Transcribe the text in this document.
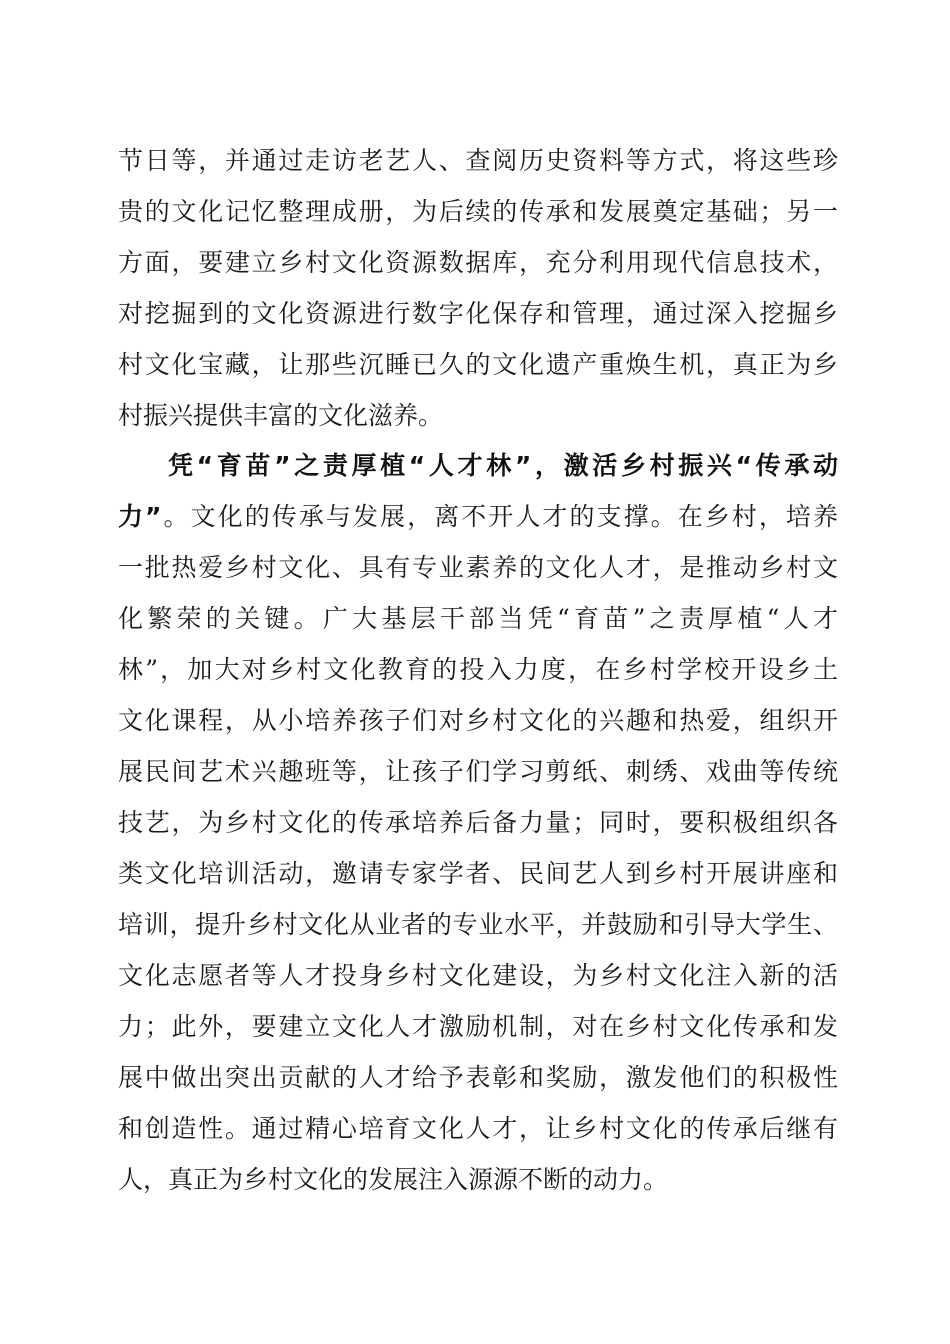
节日等，并通过走访老艺人、查阅历史资料等方式，将这些珍
贵的文化记忆整理成册，为后续的传承和发展奠定基础；另一
方面，要建立乡村文化资源数据库，充分利用现代信息技术，
对挖掘到的文化资源进行数字化保存和管理，通过深入挖掘乡
村文化宝藏，让那些沉睡已久的文化遗产重焕生机，真正为乡
村振兴提供丰富的文化滋养。
凭“育苗”之责厚植“人才林”，激活乡村振兴“传承动
力”。文化的传承与发展，离不开人才的支撑。在乡村，培养
一批热爱乡村文化、具有专业素养的文化人才，是推动乡村文
化繁荣的关键。广大基层干部当凭“育苗”之责厚植“人才
林”，加大对乡村文化教育的投入力度，在乡村学校开设乡土
文化课程，从小培养孩子们对乡村文化的兴趣和热爱，组织开
展民间艺术兴趣班等，让孩子们学习剪纸、刺绣、戏曲等传统
技艺，为乡村文化的传承培养后备力量；同时，要积极组织各
类文化培训活动，邀请专家学者、民间艺人到乡村开展讲座和
培训，提升乡村文化从业者的专业水平，并鼓励和引导大学生、
文化志愿者等人才投身乡村文化建设，为乡村文化注入新的活
力；此外，要建立文化人才激励机制，对在乡村文化传承和发
展中做出突出贡献的人才给予表彰和奖励，激发他们的积极性
和创造性。通过精心培育文化人才，让乡村文化的传承后继有
人，真正为乡村文化的发展注入源源不断的动力。
